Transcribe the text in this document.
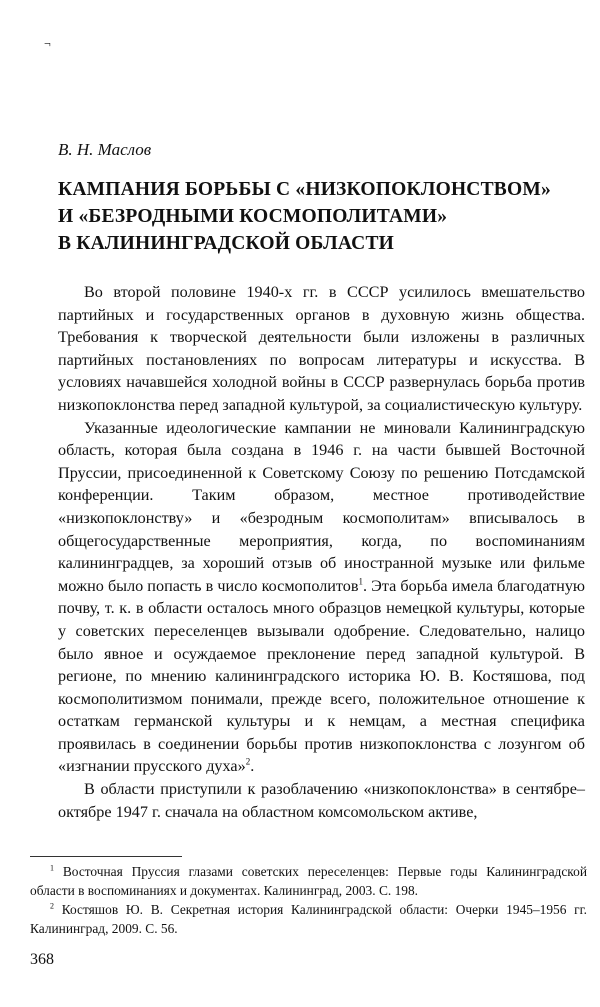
¬
В. Н. Маслов
КАМПАНИЯ БОРЬБЫ С «НИЗКОПОКЛОНСТВОМ»
И «БЕЗРОДНЫМИ КОСМОПОЛИТАМИ»
В КАЛИНИНГРАДСКОЙ ОБЛАСТИ

Во второй половине 1940-х гг. в СССР усилилось вмешательство партийных и государственных органов в духовную жизнь общества. Требования к творческой деятельности были изложены в различных партийных постановлениях по вопросам литературы и искусства. В условиях начавшейся холодной войны в СССР развернулась борьба против низкопоклонства перед западной культурой, за социалистическую культуру.

Указанные идеологические кампании не миновали Калининградскую область, которая была создана в 1946 г. на части бывшей Восточной Пруссии, присоединенной к Советскому Союзу по решению Потсдамской конференции. Таким образом, местное противодействие «низкопоклонству» и «безродным космополитам» вписывалось в общегосударственные мероприятия, когда, по воспоминаниям калининградцев, за хороший отзыв об иностранной музыке или фильме можно было попасть в число космополитов$^1$. Эта борьба имела благодатную почву, т. к. в области осталось много образцов немецкой культуры, которые у советских переселенцев вызывали одобрение. Следовательно, налицо было явное и осуждаемое преклонение перед западной культурой. В регионе, по мнению калининградского историка Ю. В. Костяшова, под космополитизмом понимали, прежде всего, положительное отношение к остаткам германской культуры и к немцам, а местная специфика проявилась в соединении борьбы против низкопоклонства с лозунгом об «изгнании прусского духа»$^2$.

В области приступили к разоблачению «низкопоклонства» в сентябре–октябре 1947 г. сначала на областном комсомольском активе,

$^1$ Восточная Пруссия глазами советских переселенцев: Первые годы Калининградской области в воспоминаниях и документах. Калининград, 2003. С. 198.

$^2$ Костяшов Ю. В. Секретная история Калининградской области: Очерки 1945–1956 гг. Калининград, 2009. С. 56.

368
